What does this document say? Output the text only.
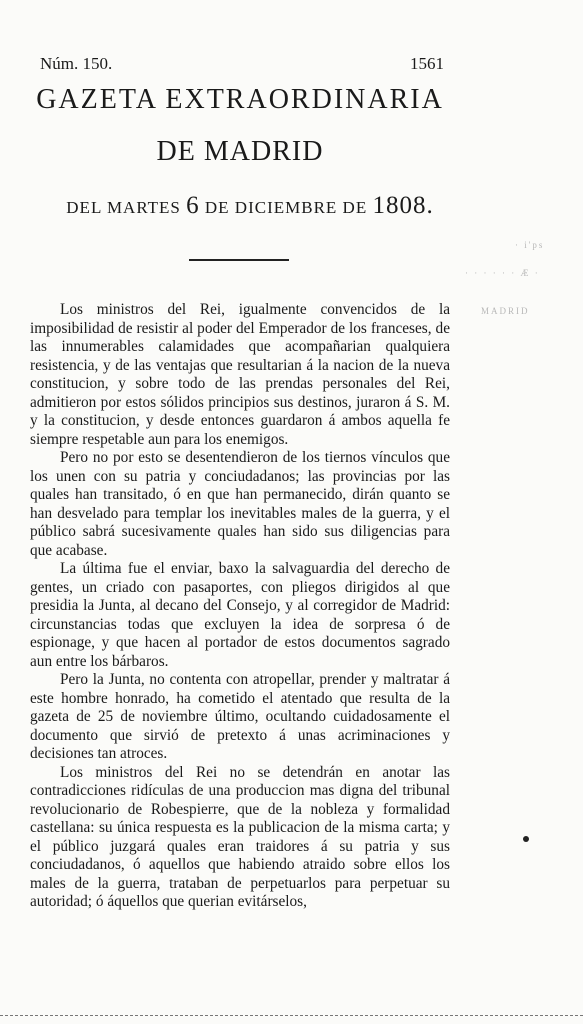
Núm. 150.	1561
GAZETA EXTRAORDINARIA
DE MADRID
DEL MARTES 6 DE DICIEMBRE DE 1808.
· i'ps
· · · · · · Æ ·
MADRID

Los ministros del Rei, igualmente convencidos de la imposibilidad de resistir al poder del Emperador de los franceses, de las innumerables calamidades que acompañarian qualquiera resistencia, y de las ventajas que resultarian á la nacion de la nueva constitucion, y sobre todo de las prendas personales del Rei, admitieron por estos sólidos principios sus destinos, juraron á S. M. y la constitucion, y desde entonces guardaron á ambos aquella fe siempre respetable aun para los enemigos.

Pero no por esto se desentendieron de los tiernos vínculos que los unen con su patria y conciudadanos; las provincias por las quales han transitado, ó en que han permanecido, dirán quanto se han desvelado para templar los inevitables males de la guerra, y el público sabrá sucesivamente quales han sido sus diligencias para que acabase.

La última fue el enviar, baxo la salvaguardia del derecho de gentes, un criado con pasaportes, con pliegos dirigidos al que presidia la Junta, al decano del Consejo, y al corregidor de Madrid: circunstancias todas que excluyen la idea de sorpresa ó de espionage, y que hacen al portador de estos documentos sagrado aun entre los bárbaros.

Pero la Junta, no contenta con atropellar, prender y maltratar á este hombre honrado, ha cometido el atentado que resulta de la gazeta de 25 de noviembre último, ocultando cuidadosamente el documento que sirvió de pretexto á unas acriminaciones y decisiones tan atroces.

Los ministros del Rei no se detendrán en anotar las contradicciones ridículas de una produccion mas digna del tribunal revolucionario de Robespierre, que de la nobleza y formalidad castellana: su única respuesta es la publicacion de la misma carta; y el público juzgará quales eran traidores á su patria y sus conciudadanos, ó aquellos que habiendo atraido sobre ellos los males de la guerra, trataban de perpetuarlos para perpetuar su autoridad; ó áquellos que querian evitárselos,
